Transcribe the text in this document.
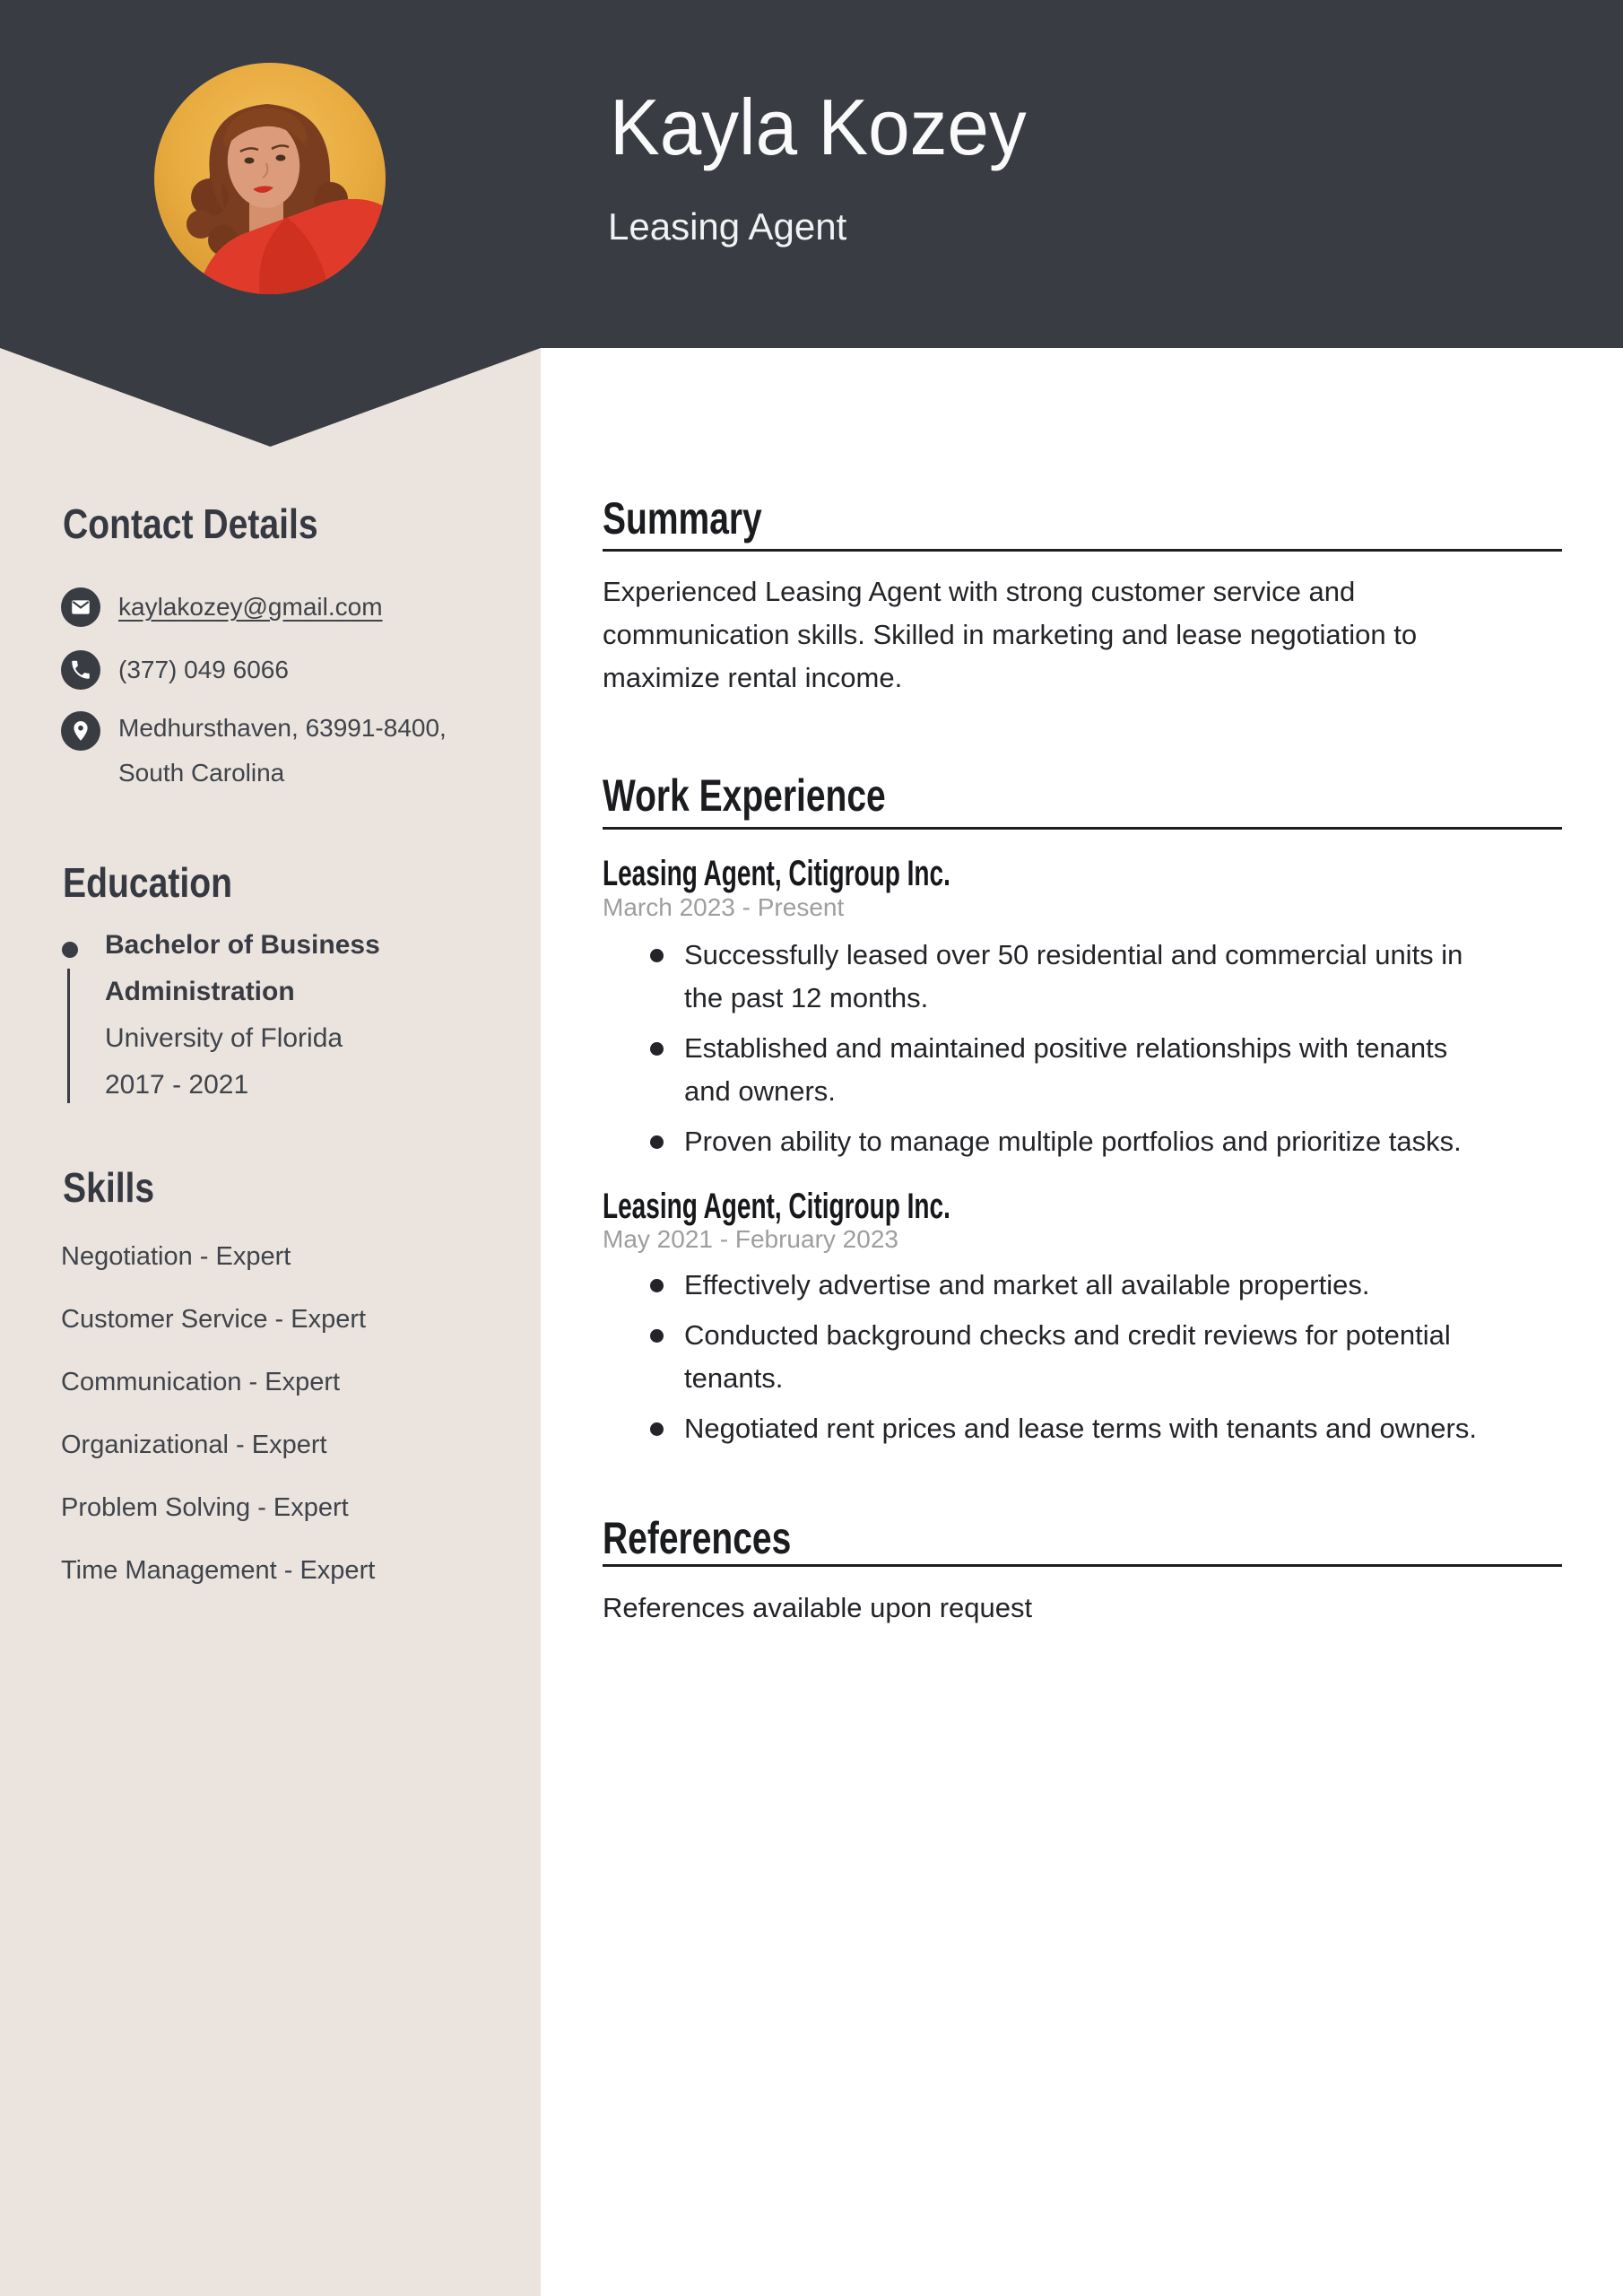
Kayla Kozey
Leasing Agent
Contact Details
kaylakozey@gmail.com
(377) 049 6066
Medhursthaven, 63991-8400, South Carolina
Education
Bachelor of Business Administration
University of Florida
2017 - 2021
Skills
Negotiation - Expert
Customer Service - Expert
Communication - Expert
Organizational - Expert
Problem Solving - Expert
Time Management - Expert
Summary
Experienced Leasing Agent with strong customer service and communication skills. Skilled in marketing and lease negotiation to maximize rental income.
Work Experience
Leasing Agent, Citigroup Inc.
March 2023 - Present
Successfully leased over 50 residential and commercial units in the past 12 months.
Established and maintained positive relationships with tenants and owners.
Proven ability to manage multiple portfolios and prioritize tasks.
Leasing Agent, Citigroup Inc.
May 2021 - February 2023
Effectively advertise and market all available properties.
Conducted background checks and credit reviews for potential tenants.
Negotiated rent prices and lease terms with tenants and owners.
References
References available upon request
